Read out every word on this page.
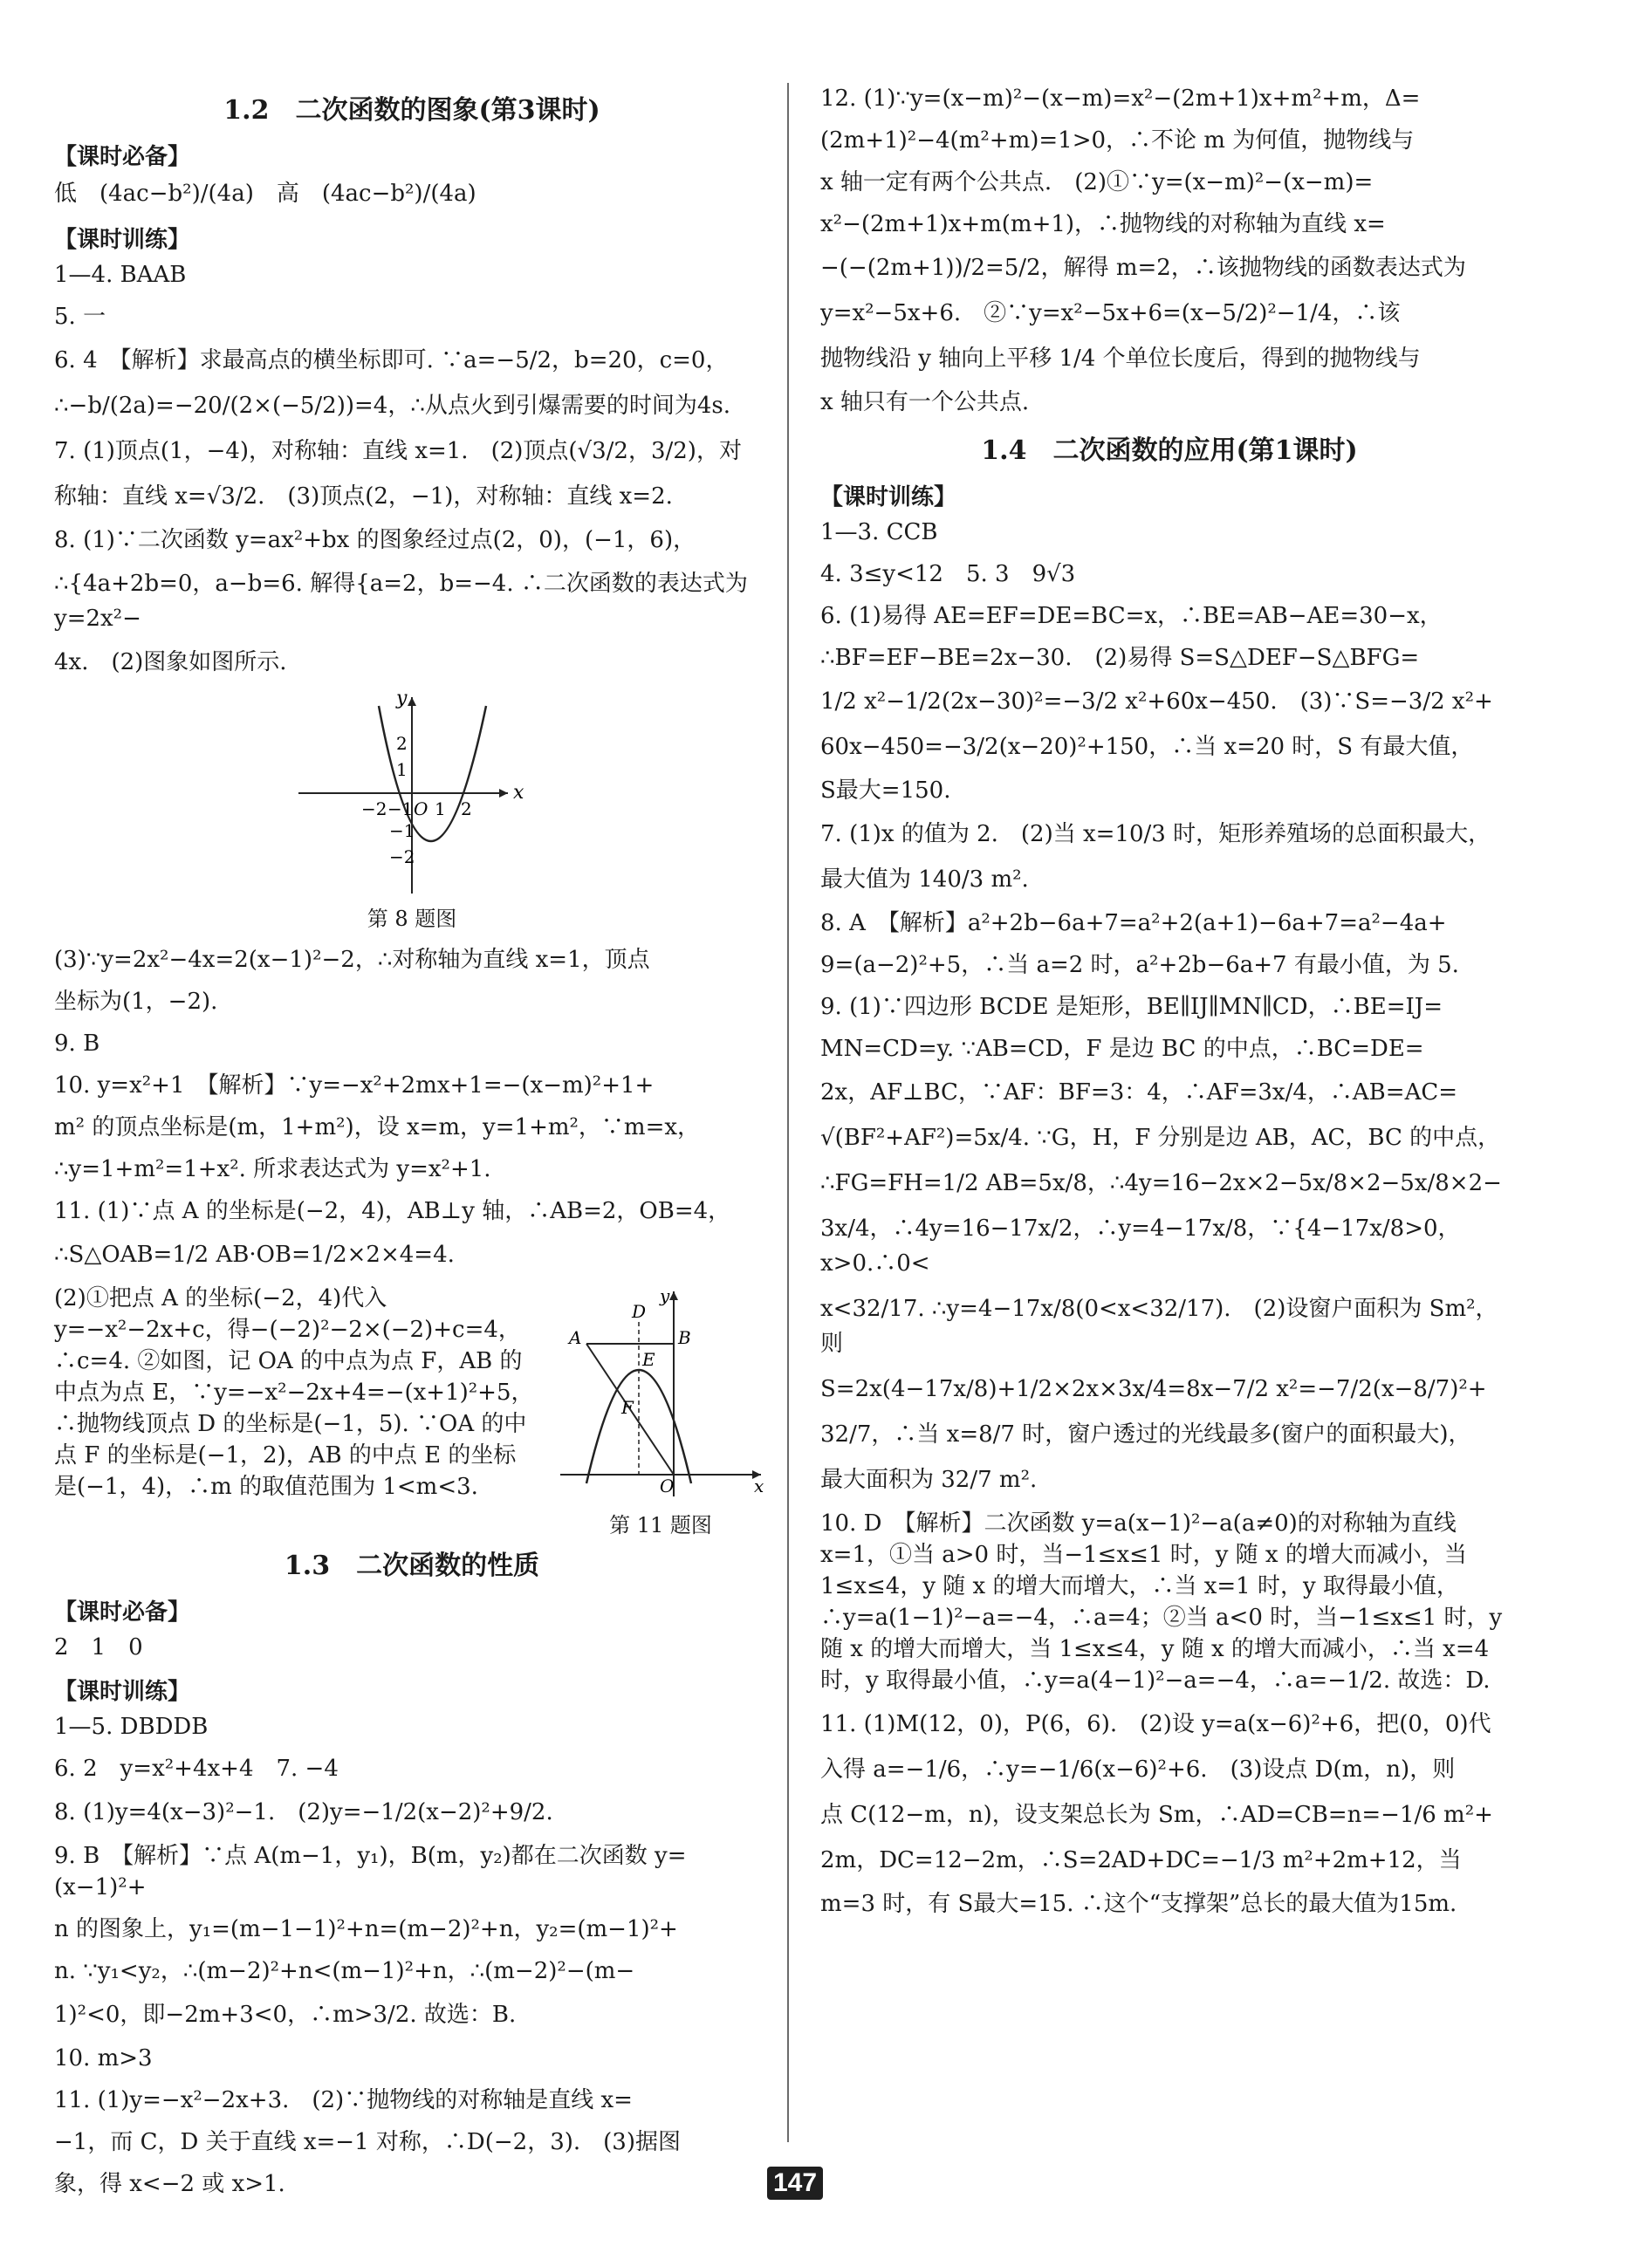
1.2　二次函数的图象(第3课时)
【课时必备】
低　(4ac−b²)/(4a)　高　(4ac−b²)/(4a)
【课时训练】
1—4. BAAB
5. 一
6. 4　【解析】求最高点的横坐标即可. ∵a=−5/2，b=20，c=0，
∴−b/(2a)=−20/(2×(−5/2))=4，∴从点火到引爆需要的时间为4s.
7. (1)顶点(1，−4)，对称轴：直线 x=1.　(2)顶点(√3/2，3/2)，对
称轴：直线 x=√3/2.　(3)顶点(2，−1)，对称轴：直线 x=2.
8. (1)∵二次函数 y=ax²+bx 的图象经过点(2，0)，(−1，6)，
∴{4a+2b=0，a−b=6. 解得{a=2，b=−4. ∴二次函数的表达式为 y=2x²−
4x.　(2)图象如图所示.
x
y
O
−2 −1 1 2
2
1
−1
−2
第 8 题图
(3)∵y=2x²−4x=2(x−1)²−2，∴对称轴为直线 x=1，顶点
坐标为(1，−2).
9. B
10. y=x²+1　【解析】∵y=−x²+2mx+1=−(x−m)²+1+
m² 的顶点坐标是(m，1+m²)，设 x=m，y=1+m²，∵m=x，
∴y=1+m²=1+x². 所求表达式为 y=x²+1.
11. (1)∵点 A 的坐标是(−2，4)，AB⊥y 轴，∴AB=2，OB=4，
∴S△OAB=1/2 AB·OB=1/2×2×4=4.
(2)①把点 A 的坐标(−2，4)代入 y=−x²−2x+c，得−(−2)²−2×(−2)+c=4，∴c=4. ②如图，记 OA 的中点为点 F，AB 的中点为点 E，∵y=−x²−2x+4=−(x+1)²+5，∴抛物线顶点 D 的坐标是(−1，5). ∵OA 的中点 F 的坐标是(−1，2)，AB 的中点 E 的坐标是(−1，4)，∴m 的取值范围为 1<m<3.
y
D
A	B
E
F
O	x
第 11 题图
1.3　二次函数的性质
【课时必备】
2　1　0
【课时训练】
1—5. DBDDB
6. 2　y=x²+4x+4　7. −4
8. (1)y=4(x−3)²−1.　(2)y=−1/2(x−2)²+9/2.
9. B　【解析】∵点 A(m−1，y₁)，B(m，y₂)都在二次函数 y=(x−1)²+
n 的图象上，y₁=(m−1−1)²+n=(m−2)²+n，y₂=(m−1)²+
n. ∵y₁<y₂，∴(m−2)²+n<(m−1)²+n，∴(m−2)²−(m−
1)²<0，即−2m+3<0，∴m>3/2. 故选：B.
10. m>3
11. (1)y=−x²−2x+3.　(2)∵抛物线的对称轴是直线 x=
−1，而 C，D 关于直线 x=−1 对称，∴D(−2，3).　(3)据图
象，得 x<−2 或 x>1.
12. (1)∵y=(x−m)²−(x−m)=x²−(2m+1)x+m²+m，Δ=
(2m+1)²−4(m²+m)=1>0，∴不论 m 为何值，抛物线与
x 轴一定有两个公共点.　(2)①∵y=(x−m)²−(x−m)=
x²−(2m+1)x+m(m+1)，∴抛物线的对称轴为直线 x=
−(−(2m+1))/2=5/2，解得 m=2，∴该抛物线的函数表达式为
y=x²−5x+6.　②∵y=x²−5x+6=(x−5/2)²−1/4，∴该
抛物线沿 y 轴向上平移 1/4 个单位长度后，得到的抛物线与
x 轴只有一个公共点.
1.4　二次函数的应用(第1课时)
【课时训练】
1—3. CCB
4. 3≤y<12　5. 3　9√3
6. (1)易得 AE=EF=DE=BC=x，∴BE=AB−AE=30−x，
∴BF=EF−BE=2x−30.　(2)易得 S=S△DEF−S△BFG=
1/2 x²−1/2(2x−30)²=−3/2 x²+60x−450.　(3)∵S=−3/2 x²+
60x−450=−3/2(x−20)²+150，∴当 x=20 时，S 有最大值，
S最大=150.
7. (1)x 的值为 2.　(2)当 x=10/3 时，矩形养殖场的总面积最大，
最大值为 140/3 m².
8. A　【解析】a²+2b−6a+7=a²+2(a+1)−6a+7=a²−4a+
9=(a−2)²+5，∴当 a=2 时，a²+2b−6a+7 有最小值，为 5.
9. (1)∵四边形 BCDE 是矩形，BE∥IJ∥MN∥CD，∴BE=IJ=
MN=CD=y. ∵AB=CD，F 是边 BC 的中点，∴BC=DE=
2x，AF⊥BC，∵AF：BF=3：4，∴AF=3x/4，∴AB=AC=
√(BF²+AF²)=5x/4. ∵G，H，F 分别是边 AB，AC，BC 的中点，
∴FG=FH=1/2 AB=5x/8，∴4y=16−2x×2−5x/8×2−5x/8×2−
3x/4，∴4y=16−17x/2，∴y=4−17x/8，∵{4−17x/8>0，x>0.∴0<
x<32/17. ∴y=4−17x/8(0<x<32/17).　(2)设窗户面积为 Sm²，则
S=2x(4−17x/8)+1/2×2x×3x/4=8x−7/2 x²=−7/2(x−8/7)²+
32/7，∴当 x=8/7 时，窗户透过的光线最多(窗户的面积最大)，
最大面积为 32/7 m².
10. D　【解析】二次函数 y=a(x−1)²−a(a≠0)的对称轴为直线 x=1，①当 a>0 时，当−1≤x≤1 时，y 随 x 的增大而减小，当 1≤x≤4，y 随 x 的增大而增大，∴当 x=1 时，y 取得最小值，∴y=a(1−1)²−a=−4，∴a=4；②当 a<0 时，当−1≤x≤1 时，y 随 x 的增大而增大，当 1≤x≤4，y 随 x 的增大而减小，∴当 x=4 时，y 取得最小值，∴y=a(4−1)²−a=−4，∴a=−1/2. 故选：D.
11. (1)M(12，0)，P(6，6).　(2)设 y=a(x−6)²+6，把(0，0)代
入得 a=−1/6，∴y=−1/6(x−6)²+6.　(3)设点 D(m，n)，则
点 C(12−m，n)，设支架总长为 Sm，∴AD=CB=n=−1/6 m²+
2m，DC=12−2m，∴S=2AD+DC=−1/3 m²+2m+12，当
m=3 时，有 S最大=15. ∴这个“支撑架”总长的最大值为15m.
147
